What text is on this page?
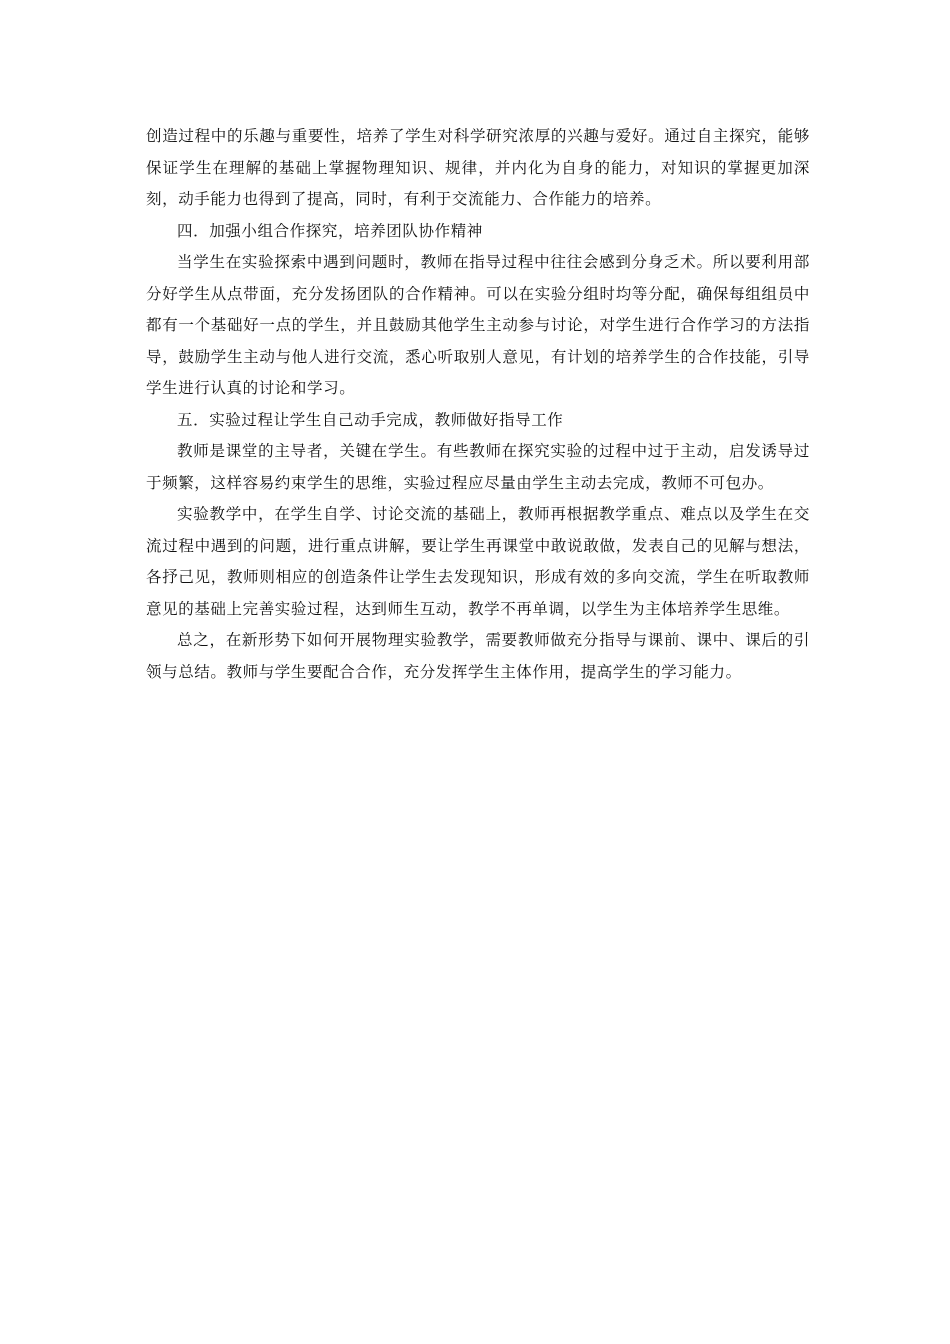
创造过程中的乐趣与重要性，培养了学生对科学研究浓厚的兴趣与爱好。通过自主探究，能够保证学生在理解的基础上掌握物理知识、规律，并内化为自身的能力，对知识的掌握更加深刻，动手能力也得到了提高，同时，有利于交流能力、合作能力的培养。

四．加强小组合作探究，培养团队协作精神

当学生在实验探索中遇到问题时，教师在指导过程中往往会感到分身乏术。所以要利用部分好学生从点带面，充分发扬团队的合作精神。可以在实验分组时均等分配，确保每组组员中都有一个基础好一点的学生，并且鼓励其他学生主动参与讨论，对学生进行合作学习的方法指导，鼓励学生主动与他人进行交流，悉心听取别人意见，有计划的培养学生的合作技能，引导学生进行认真的讨论和学习。

五．实验过程让学生自己动手完成，教师做好指导工作

教师是课堂的主导者，关键在学生。有些教师在探究实验的过程中过于主动，启发诱导过于频繁，这样容易约束学生的思维，实验过程应尽量由学生主动去完成，教师不可包办。

实验教学中，在学生自学、讨论交流的基础上，教师再根据教学重点、难点以及学生在交流过程中遇到的问题，进行重点讲解，要让学生再课堂中敢说敢做，发表自己的见解与想法，各抒己见，教师则相应的创造条件让学生去发现知识，形成有效的多向交流，学生在听取教师意见的基础上完善实验过程，达到师生互动，教学不再单调，以学生为主体培养学生思维。

总之，在新形势下如何开展物理实验教学，需要教师做充分指导与课前、课中、课后的引领与总结。教师与学生要配合合作，充分发挥学生主体作用，提高学生的学习能力。
